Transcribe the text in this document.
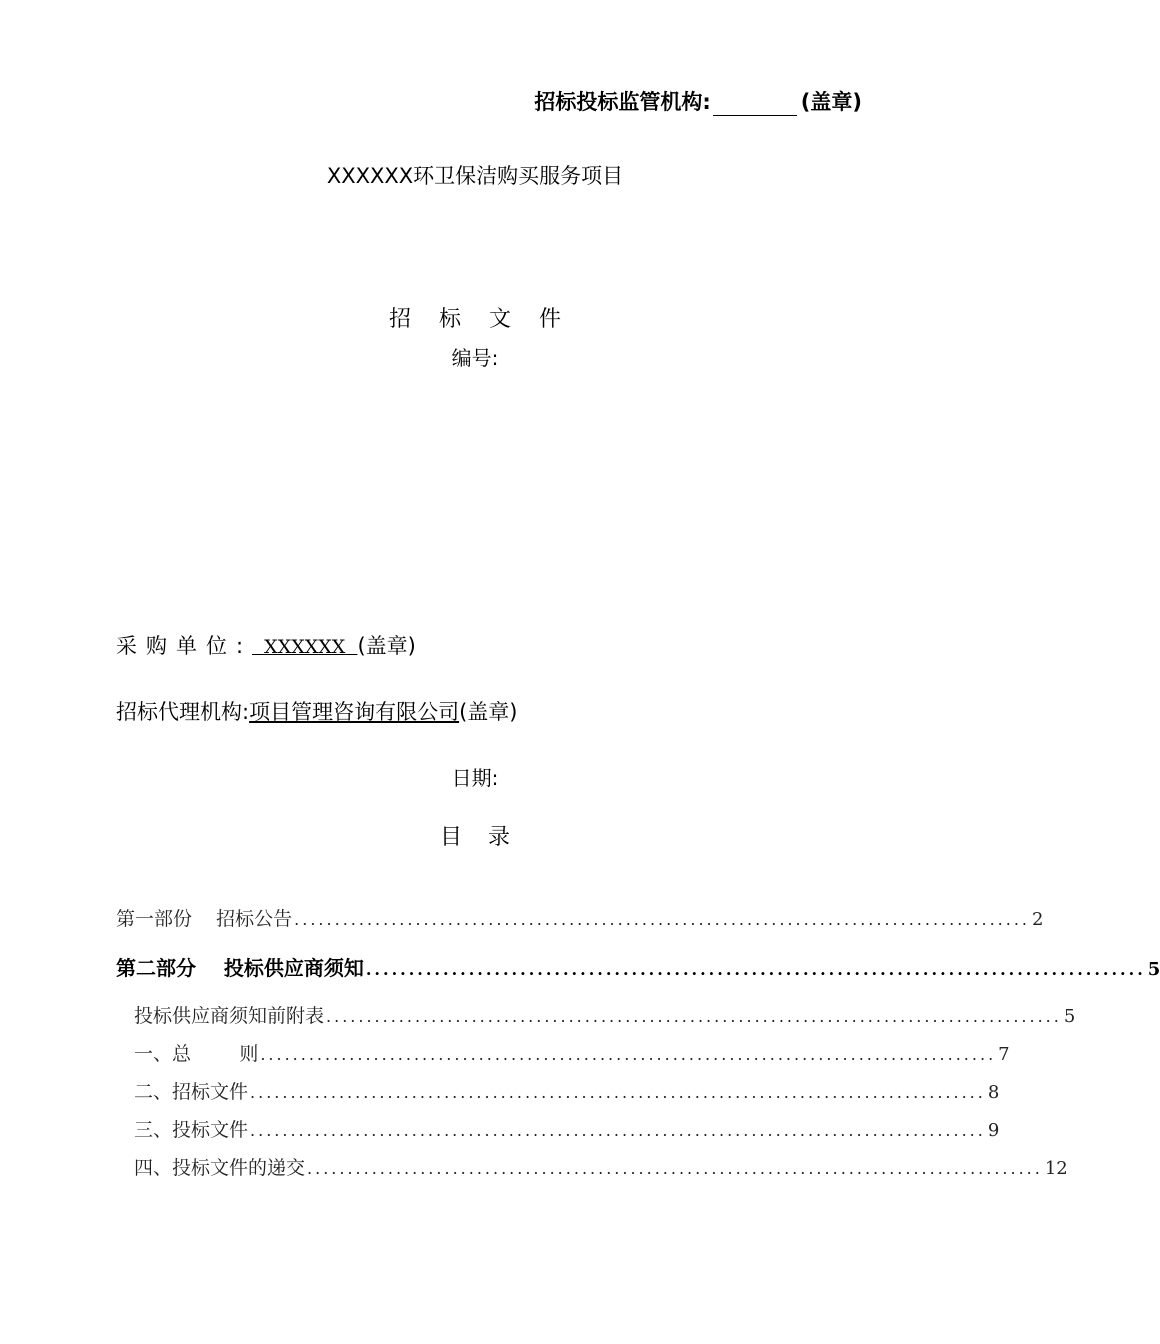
招标投标监管机构:	(盖章)
XXXXXX环卫保洁购买服务项目
招标文件
编号:
采购单位: XXXXXX (盖章)
招标代理机构:项目管理咨询有限公司(盖章)
日期:
目录
第一部份    招标公告 ........................................................................................... 2
第二部分    投标供应商须知 ........................................................................................... 5
投标供应商须知前附表 ........................................................................................... 5
一、总        则 ........................................................................................... 7
二、招标文件 ........................................................................................... 8
三、投标文件 ........................................................................................... 9
四、投标文件的递交 ........................................................................................... 12
